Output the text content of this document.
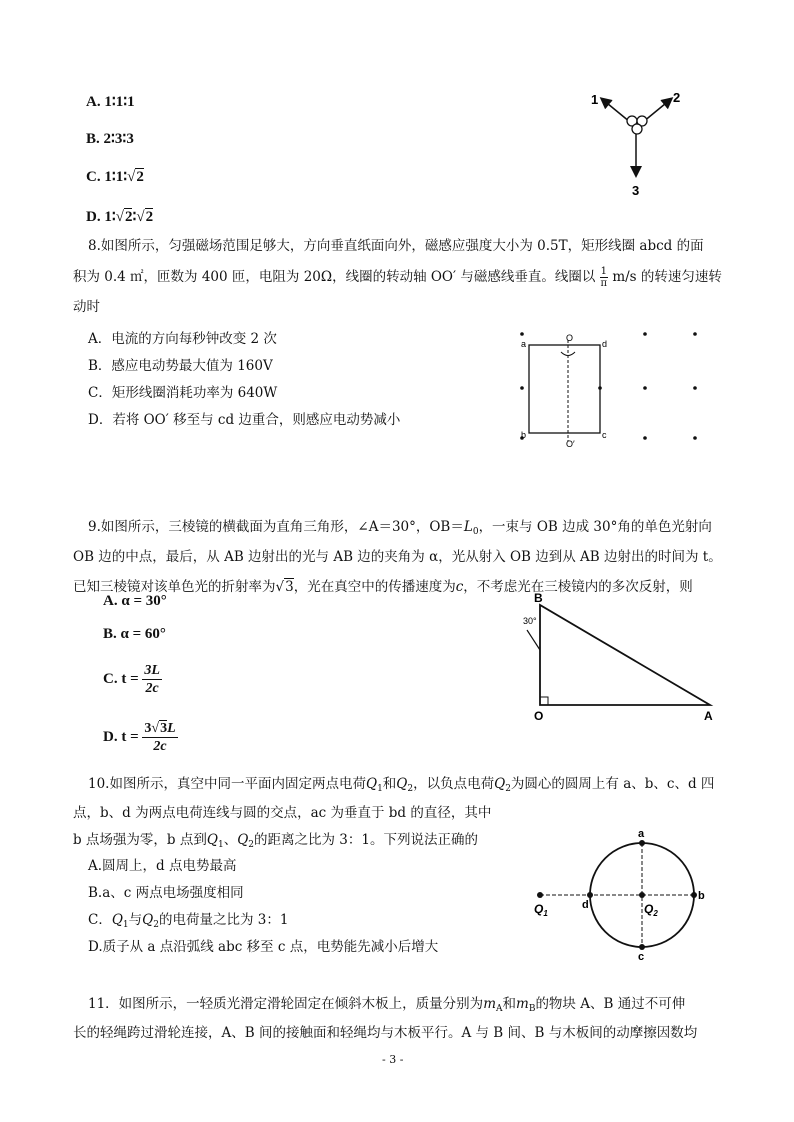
A. 1∶1∶1
B. 2∶3∶3
C. 1∶1∶√2
D. 1∶√2∶√2
1	2
3
8.如图所示，匀强磁场范围足够大，方向垂直纸面向外，磁感应强度大小为 0.5T，矩形线圈 abcd 的面
积为 0.4 ㎡，匝数为 400 匝，电阻为 20Ω，线圈的转动轴 OO′ 与磁感线垂直。线圈以 $\frac{1}{\pi} m/s$ 的转速匀速转
动时
A．电流的方向每秒钟改变 2 次
B．感应电动势最大值为 160V
C．矩形线圈消耗功率为 640W
D．若将 OO′ 移至与 cd 边重合，则感应电动势减小
a	d
b	c
O
O′
9.如图所示，三棱镜的横截面为直角三角形，∠A＝30°，$OB=L_0$，一束与 OB 边成 30°角的单色光射向
OB 边的中点，最后，从 AB 边射出的光与 AB 边的夹角为 α，光从射入 OB 边到从 AB 边射出的时间为 t。
已知三棱镜对该单色光的折射率为√3，光在真空中的传播速度为c，不考虑光在三棱镜内的多次反射，则
A. α = 30°
B. α = 60°
C. $t = \frac{3L}{2c}$
D. $t = \frac{3√3L}{2c}$
B
O	A
30°
10.如图所示，真空中同一平面内固定两点电荷$Q_1$和$Q_2$，以负点电荷$Q_2$为圆心的圆周上有 a、b、c、d 四
点，b、d 为两点电荷连线与圆的交点，ac 为垂直于 bd 的直径，其中
b 点场强为零，b 点到$Q_1$、$Q_2$的距离之比为 3：1。下列说法正确的
A.圆周上，d 点电势最高
B.a、c 两点电场强度相同
C．$Q_1$与$Q_2$的电荷量之比为 3：1
D.质子从 a 点沿弧线 abc 移至 c 点，电势能先减小后增大
a
b
c
d
$Q_1$	$Q_2$
11．如图所示，一轻质光滑定滑轮固定在倾斜木板上，质量分别为$m_A$和$m_B$的物块 A、B 通过不可伸
长的轻绳跨过滑轮连接，A、B 间的接触面和轻绳均与木板平行。A 与 B 间、B 与木板间的动摩擦因数均
- 3 -
